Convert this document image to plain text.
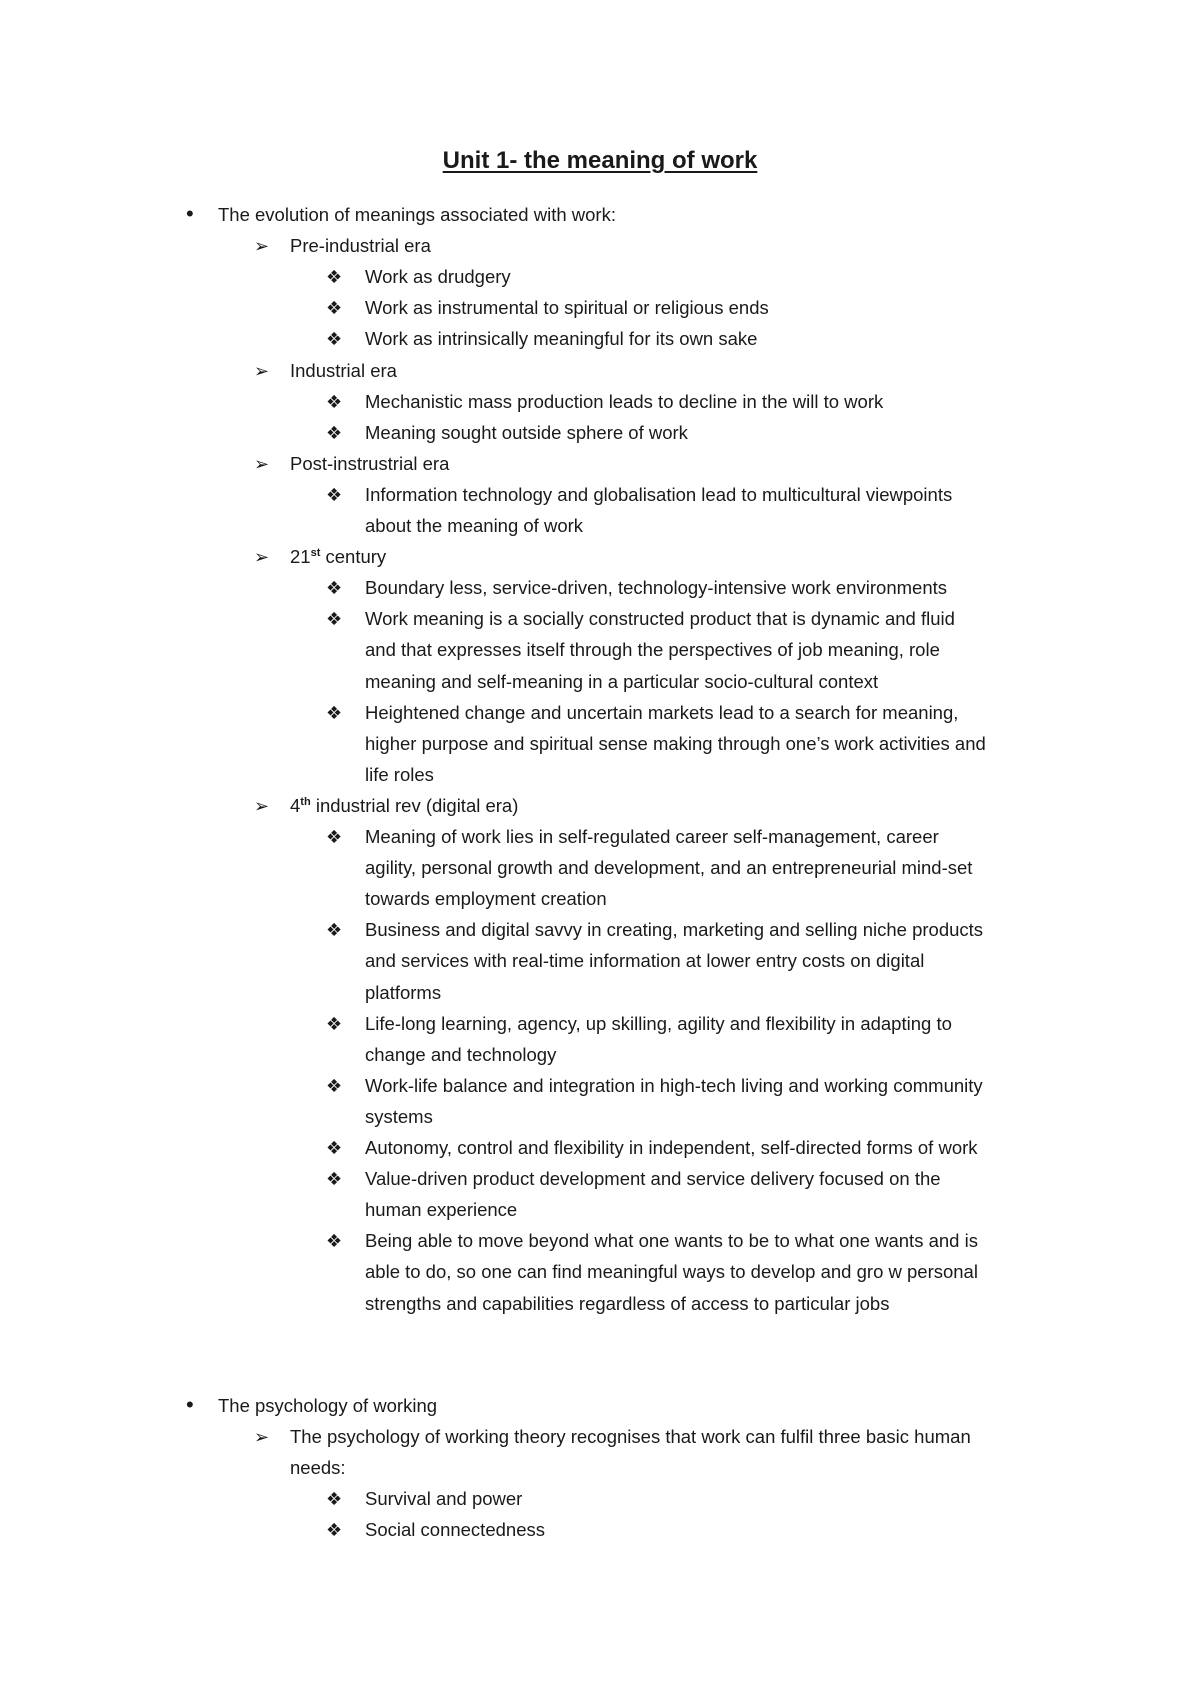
Unit 1- the meaning of work
• The evolution of meanings associated with work:
➢ Pre-industrial era
❖ Work as drudgery
❖ Work as instrumental to spiritual or religious ends
❖ Work as intrinsically meaningful for its own sake
➢ Industrial era
❖ Mechanistic mass production leads to decline in the will to work
❖ Meaning sought outside sphere of work
➢ Post-instrustrial era
❖ Information technology and globalisation lead to multicultural viewpoints
about the meaning of work
➢ 21st century
❖ Boundary less, service-driven, technology-intensive work environments
❖ Work meaning is a socially constructed product that is dynamic and fluid
and that expresses itself through the perspectives of job meaning, role
meaning and self-meaning in a particular socio-cultural context
❖ Heightened change and uncertain markets lead to a search for meaning,
higher purpose and spiritual sense making through one’s work activities and
life roles
➢ 4th industrial rev (digital era)
❖ Meaning of work lies in self-regulated career self-management, career
agility, personal growth and development, and an entrepreneurial mind-set
towards employment creation
❖ Business and digital savvy in creating, marketing and selling niche products
and services with real-time information at lower entry costs on digital
platforms
❖ Life-long learning, agency, up skilling, agility and flexibility in adapting to
change and technology
❖ Work-life balance and integration in high-tech living and working community
systems
❖ Autonomy, control and flexibility in independent, self-directed forms of work
❖ Value-driven product development and service delivery focused on the
human experience
❖ Being able to move beyond what one wants to be to what one wants and is
able to do, so one can find meaningful ways to develop and gro w personal
strengths and capabilities regardless of access to particular jobs
• The psychology of working
➢ The psychology of working theory recognises that work can fulfil three basic human
needs:
❖ Survival and power
❖ Social connectedness
